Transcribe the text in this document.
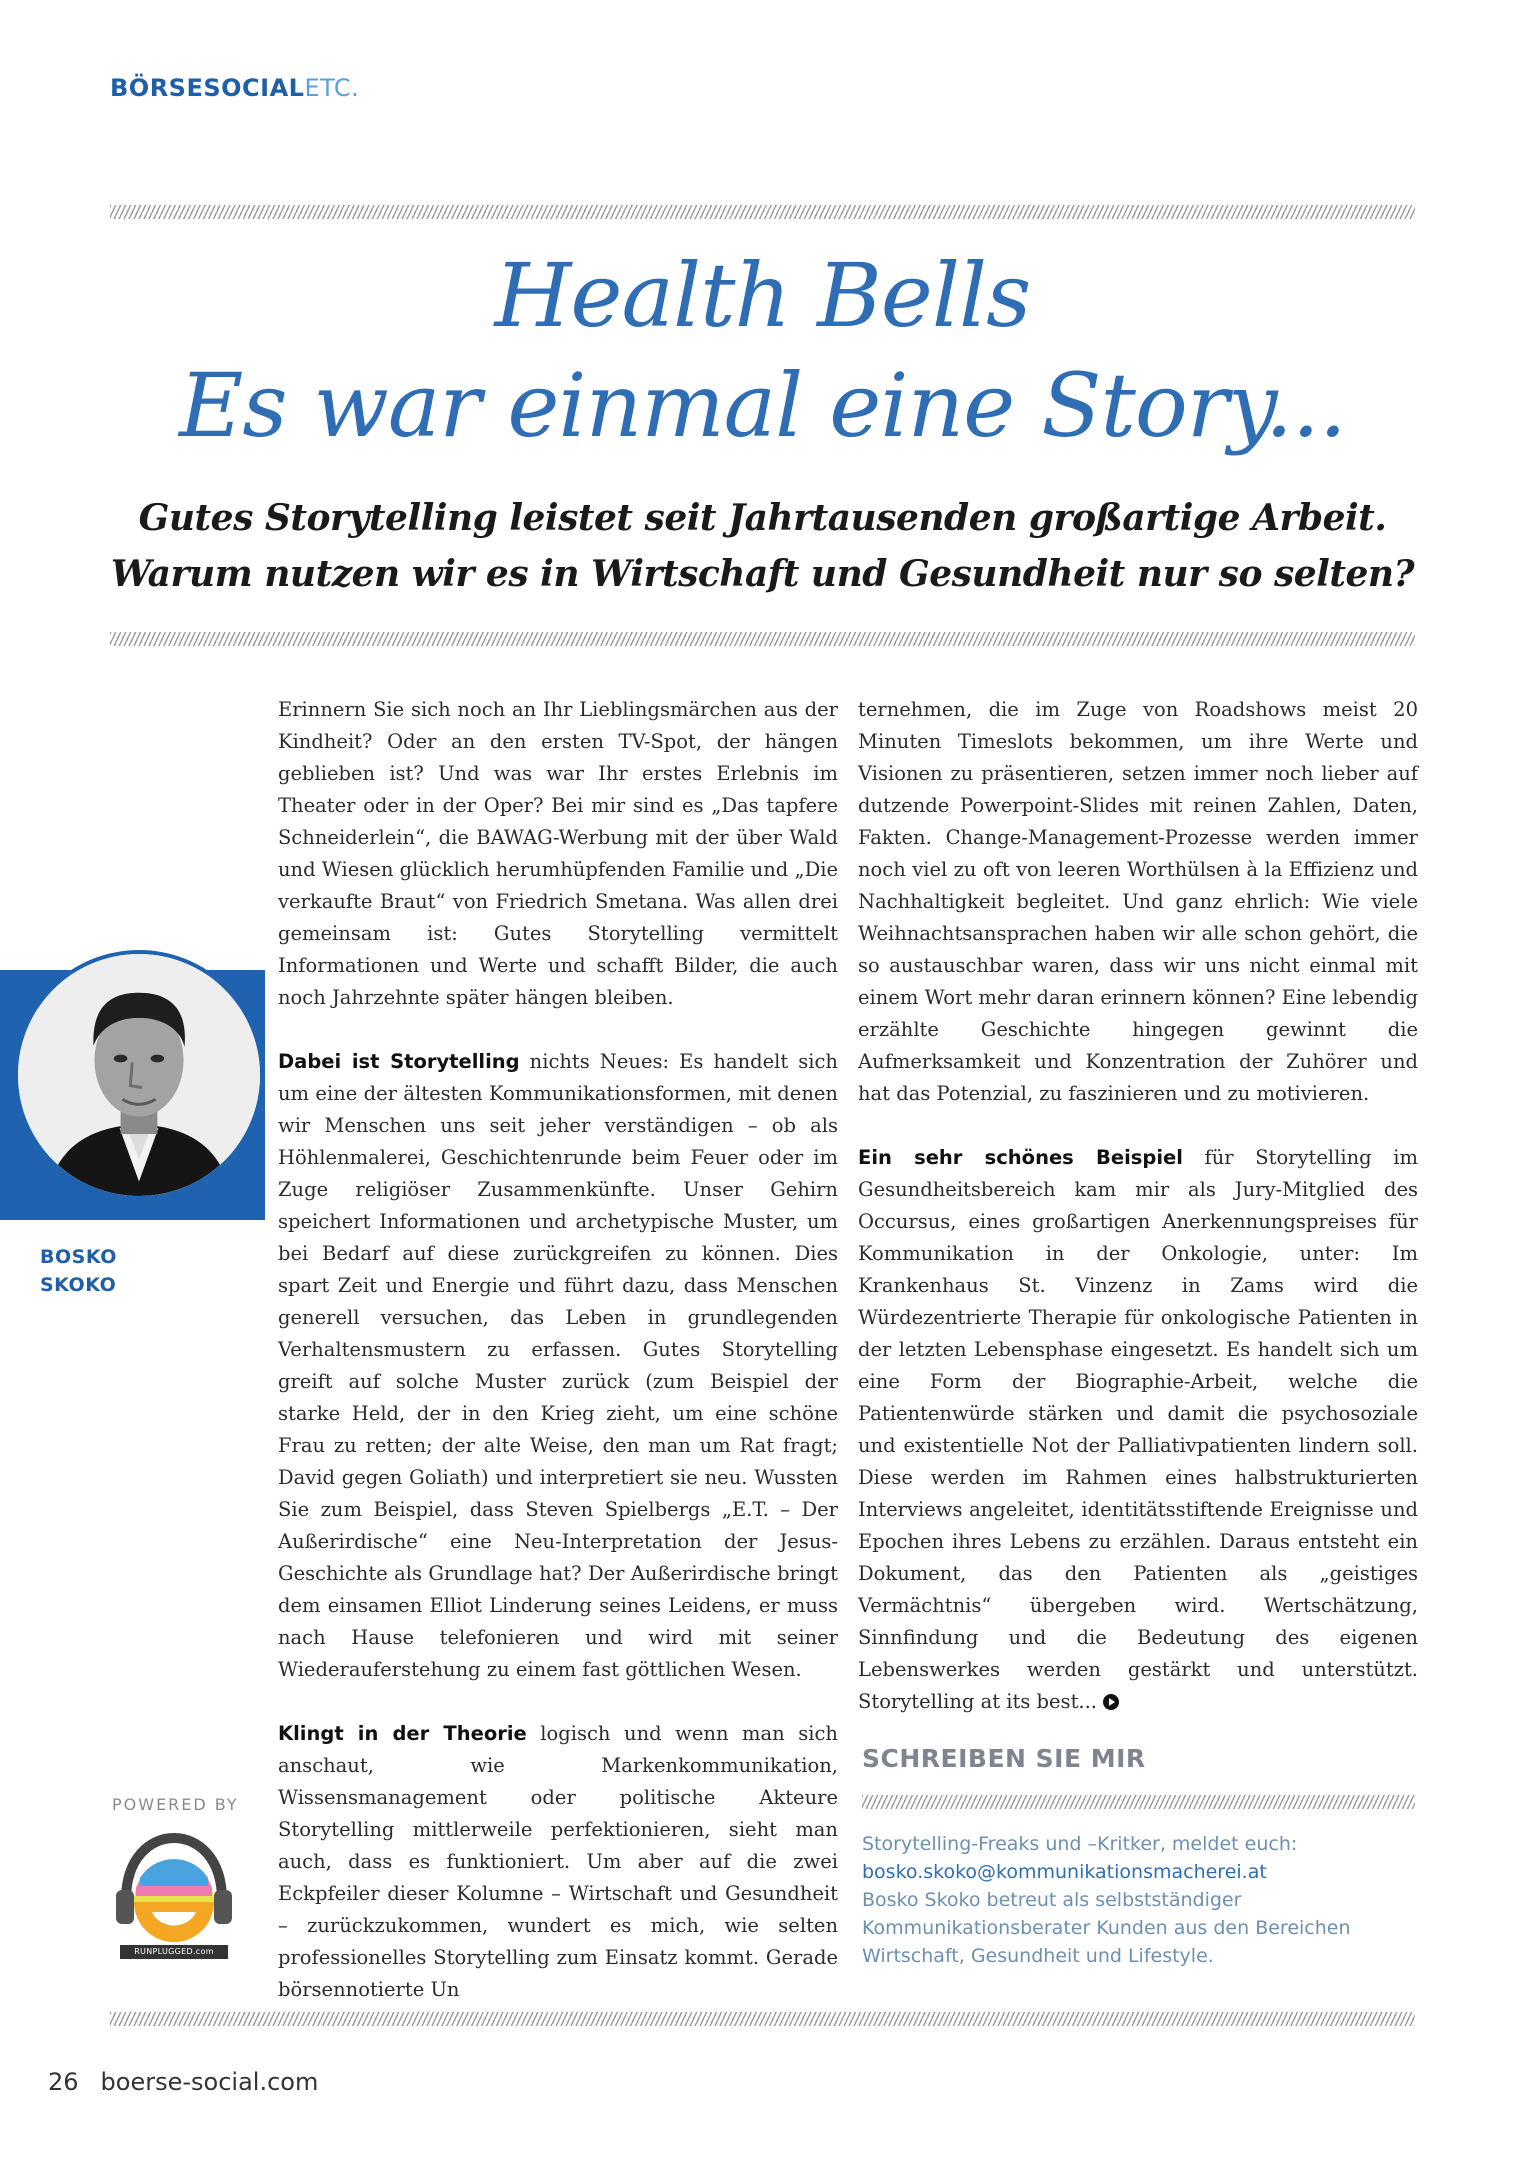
BÖRSESOCIALETC.
Health Bells
Es war einmal eine Story...
Gutes Storytelling leistet seit Jahrtausenden großartige Arbeit.
Warum nutzen wir es in Wirtschaft und Gesundheit nur so selten?
BOSKO
SKOKO

Erinnern Sie sich noch an Ihr Lieblingsmärchen aus der Kindheit? Oder an den ersten TV-Spot, der hängen geblieben ist? Und was war Ihr erstes Erlebnis im Theater oder in der Oper? Bei mir sind es „Das tapfere Schneiderlein“, die BAWAG-Werbung mit der über Wald und Wiesen glücklich herumhüpfenden Familie und „Die verkaufte Braut“ von Friedrich Smetana. Was allen drei gemeinsam ist: Gutes Storytelling vermittelt Informationen und Werte und schafft Bilder, die auch noch Jahrzehnte später hängen bleiben.

Dabei ist Storytelling nichts Neues: Es handelt sich um eine der ältesten Kommunikationsformen, mit denen wir Menschen uns seit jeher verständigen – ob als Höhlenmalerei, Geschichtenrunde beim Feuer oder im Zuge religiöser Zusammenkünfte. Unser Gehirn speichert Informationen und archetypische Muster, um bei Bedarf auf diese zurückgreifen zu können. Dies spart Zeit und Energie und führt dazu, dass Menschen generell versuchen, das Leben in grundlegenden Verhaltensmustern zu erfassen. Gutes Storytelling greift auf solche Muster zurück (zum Beispiel der starke Held, der in den Krieg zieht, um eine schöne Frau zu retten; der alte Weise, den man um Rat fragt; David gegen Goliath) und interpretiert sie neu. Wussten Sie zum Beispiel, dass Steven Spielbergs „E.T. – Der Außerirdische“ eine Neu-Interpretation der Jesus-Geschichte als Grundlage hat? Der Außerirdische bringt dem einsamen Elliot Linderung seines Leidens, er muss nach Hause telefonieren und wird mit seiner Wiederauferstehung zu einem fast göttlichen Wesen.

Klingt in der Theorie logisch und wenn man sich anschaut, wie Markenkommunikation, Wissensmanagement oder politische Akteure Storytelling mittlerweile perfektionieren, sieht man auch, dass es funktioniert. Um aber auf die zwei Eckpfeiler dieser Kolumne – Wirtschaft und Gesundheit – zurückzukommen, wundert es mich, wie selten professionelles Storytelling zum Einsatz kommt. Gerade börsennotierte Un

ternehmen, die im Zuge von Roadshows meist 20 Minuten Timeslots bekommen, um ihre Werte und Visionen zu präsentieren, setzen immer noch lieber auf dutzende Powerpoint-Slides mit reinen Zahlen, Daten, Fakten. Change-Management-Prozesse werden immer noch viel zu oft von leeren Worthülsen à la Effizienz und Nachhaltigkeit begleitet. Und ganz ehrlich: Wie viele Weihnachtsansprachen haben wir alle schon gehört, die so austauschbar waren, dass wir uns nicht einmal mit einem Wort mehr daran erinnern können? Eine lebendig erzählte Geschichte hingegen gewinnt die Aufmerksamkeit und Konzentration der Zuhörer und hat das Potenzial, zu faszinieren und zu motivieren.

Ein sehr schönes Beispiel für Storytelling im Gesundheitsbereich kam mir als Jury-Mitglied des Occursus, eines großartigen Anerkennungspreises für Kommunikation in der Onkologie, unter: Im Krankenhaus St. Vinzenz in Zams wird die Würdezentrierte Therapie für onkologische Patienten in der letzten Lebensphase eingesetzt. Es handelt sich um eine Form der Biographie-Arbeit, welche die Patientenwürde stärken und damit die psychosoziale und existentielle Not der Palliativpatienten lindern soll. Diese werden im Rahmen eines halbstrukturierten Interviews angeleitet, identitätsstiftende Ereignisse und Epochen ihres Lebens zu erzählen. Daraus entsteht ein Dokument, das den Patienten als „geistiges Vermächtnis“ übergeben wird. Wertschätzung, Sinnfindung und die Bedeutung des eigenen Lebenswerkes werden gestärkt und unterstützt. Storytelling at its best...

SCHREIBEN SIE MIR
Storytelling-Freaks und –Kritker, meldet euch:
bosko.skoko@kommunikationsmacherei.at
Bosko Skoko betreut als selbstständiger Kommunikationsberater Kunden aus den Bereichen Wirtschaft, Gesundheit und Lifestyle.
POWERED BY
RUNPLUGGED.com
26 boerse-social.com
